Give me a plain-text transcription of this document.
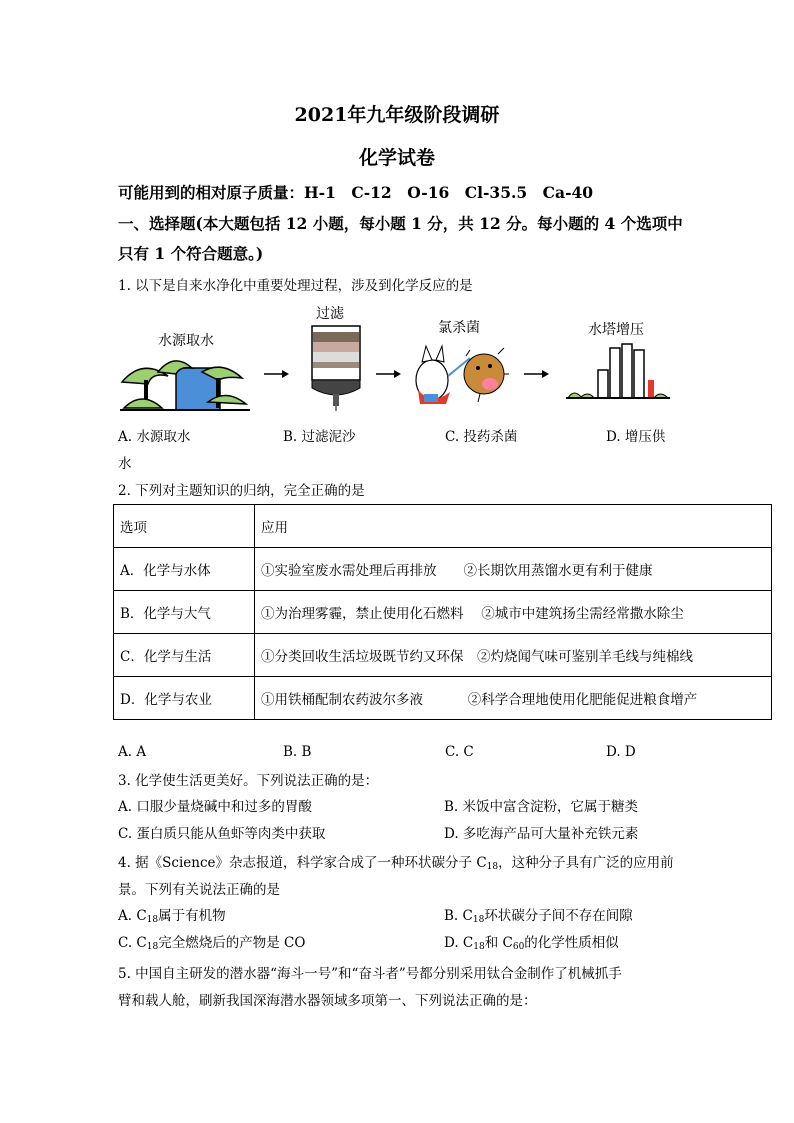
2021年九年级阶段调研
化学试卷
可能用到的相对原子质量：H-1　C-12　O-16　Cl-35.5　Ca-40
一、选择题(本大题包括 12 小题，每小题 1 分，共 12 分。每小题的 4 个选项中
只有 1 个符合题意。)
1. 以下是自来水净化中重要处理过程，涉及到化学反应的是
水源取水
过滤
氯杀菌	水塔增压
A. 水源取水	B. 过滤泥沙	C. 投药杀菌	D. 增压供
水
2. 下列对主题知识的归纳，完全正确的是
选项	应用
A．化学与水体	①实验室废水需处理后再排放　　②长期饮用蒸馏水更有利于健康
B．化学与大气	①为治理雾霾，禁止使用化石燃料　 ②城市中建筑扬尘需经常撒水除尘
C．化学与生活	①分类回收生活垃圾既节约又环保　②灼烧闻气味可鉴别羊毛线与纯棉线
D．化学与农业	①用铁桶配制农药波尔多液　　　 ②科学合理地使用化肥能促进粮食增产
A. A	B. B	C. C	D. D
3. 化学使生活更美好。下列说法正确的是：
A. 口服少量烧碱中和过多的胃酸	B. 米饭中富含淀粉，它属于糖类
C. 蛋白质只能从鱼虾等肉类中获取	D. 多吃海产品可大量补充铁元素
4. 据《Science》杂志报道，科学家合成了一种环状碳分子 $C_{18}$，这种分子具有广泛的应用前
景。下列有关说法正确的是
A. $C_{18}$属于有机物	B. $C_{18}$环状碳分子间不存在间隙
C. $C_{18}$完全燃烧后的产物是 CO	D. $C_{18}$和 $C_{60}$的化学性质相似
5. 中国自主研发的潜水器“海斗一号”和“奋斗者”号都分别采用钛合金制作了机械抓手
臂和载人舱，刷新我国深海潜水器领域多项第一、下列说法正确的是：
